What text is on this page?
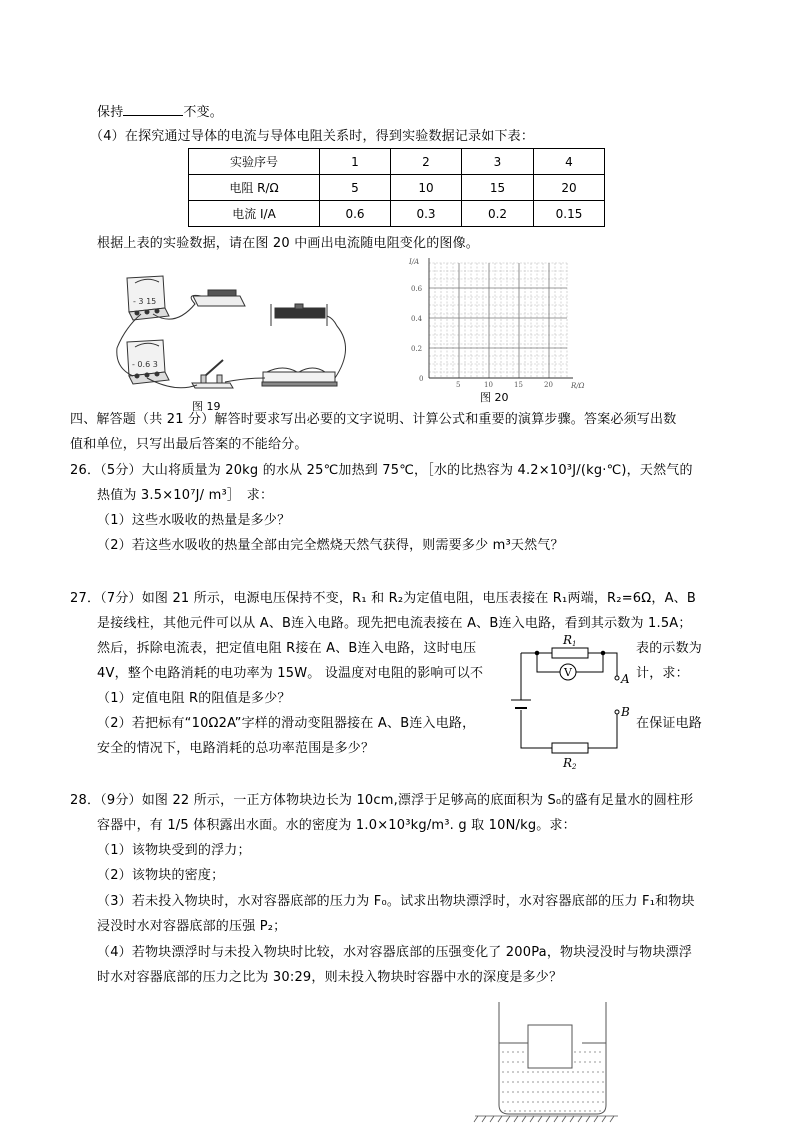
保持	不变。
（4）在探究通过导体的电流与导体电阻关系时，得到实验数据记录如下表：
实验序号	1	2	3	4
电阻 R/Ω	5	10	15	20
电流 I/A	0.6	0.3	0.2	0.15
根据上表的实验数据，请在图 20 中画出电流随电阻变化的图像。
- 3 15
- 0.6 3
图 19
I/A
0.6
0.4
0.2
0
5	10	15	20	R/Ω
图 20
四、解答题（共 21 分）解答时要求写出必要的文字说明、计算公式和重要的演算步骤。答案必须写出数
值和单位，只写出最后答案的不能给分。
26．（5分）大山将质量为 20kg 的水从 25℃加热到 75℃，［水的比热容为 4.2×10³J/(kg·℃)，天然气的
热值为 3.5×10⁷J/ m³］　求：
（1）这些水吸收的热量是多少？
（2）若这些水吸收的热量全部由完全燃烧天然气获得，则需要多少 m³天然气？
27．（7分）如图 21 所示，电源电压保持不变，R₁ 和 R₂为定值电阻，电压表接在 R₁两端，R₂=6Ω，A、B
是接线柱，其他元件可以从 A、B连入电路。现先把电流表接在 A、B连入电路，看到其示数为 1.5A；
然后，拆除电流表，把定值电阻 R接在 A、B连入电路，这时电压	表的示数为
4V，整个电路消耗的电功率为 15W。 设温度对电阻的影响可以不	计，求：
（1）定值电阻 R的阻值是多少？
（2）若把标有“10Ω2A”字样的滑动变阻器接在 A、B连入电路，	在保证电路
安全的情况下，电路消耗的总功率范围是多少？
R1
V	A
B
R2
28．（9分）如图 22 所示，一正方体物块边长为 10cm,漂浮于足够高的底面积为 S₀的盛有足量水的圆柱形
容器中，有 1/5 体积露出水面。水的密度为 1.0×10³kg/m³. g 取 10N/kg。求：
（1）该物块受到的浮力；
（2）该物块的密度；
（3）若未投入物块时，水对容器底部的压力为 F₀。试求出物块漂浮时，水对容器底部的压力 F₁和物块
浸没时水对容器底部的压强 P₂；
（4）若物块漂浮时与未投入物块时比较，水对容器底部的压强变化了 200Pa，物块浸没时与物块漂浮
时水对容器底部的压力之比为 30:29，则未投入物块时容器中水的深度是多少？
